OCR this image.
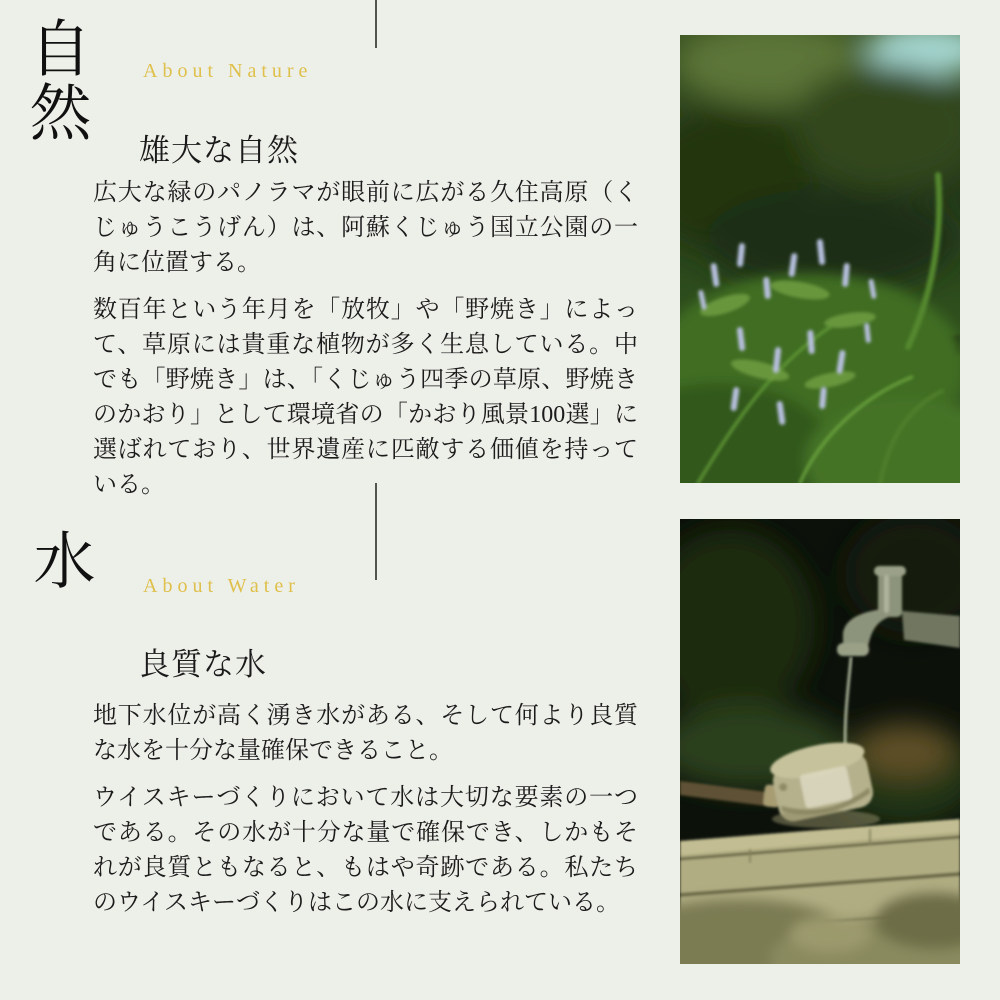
自然	About Nature
雄大な自然

広大な緑のパノラマが眼前に広がる久住高原（くじゅうこうげん）は、阿蘇くじゅう国立公園の一角に位置する。

数百年という年月を「放牧」や「野焼き」によって、草原には貴重な植物が多く生息している。中でも「野焼き」は、「くじゅう四季の草原、野焼きのかおり」として環境省の「かおり風景100選」に選ばれており、世界遺産に匹敵する価値を持っている。

水	About Water
良質な水

地下水位が高く湧き水がある、そして何より良質な水を十分な量確保できること。

ウイスキーづくりにおいて水は大切な要素の一つである。その水が十分な量で確保でき、しかもそれが良質ともなると、もはや奇跡である。私たちのウイスキーづくりはこの水に支えられている。
